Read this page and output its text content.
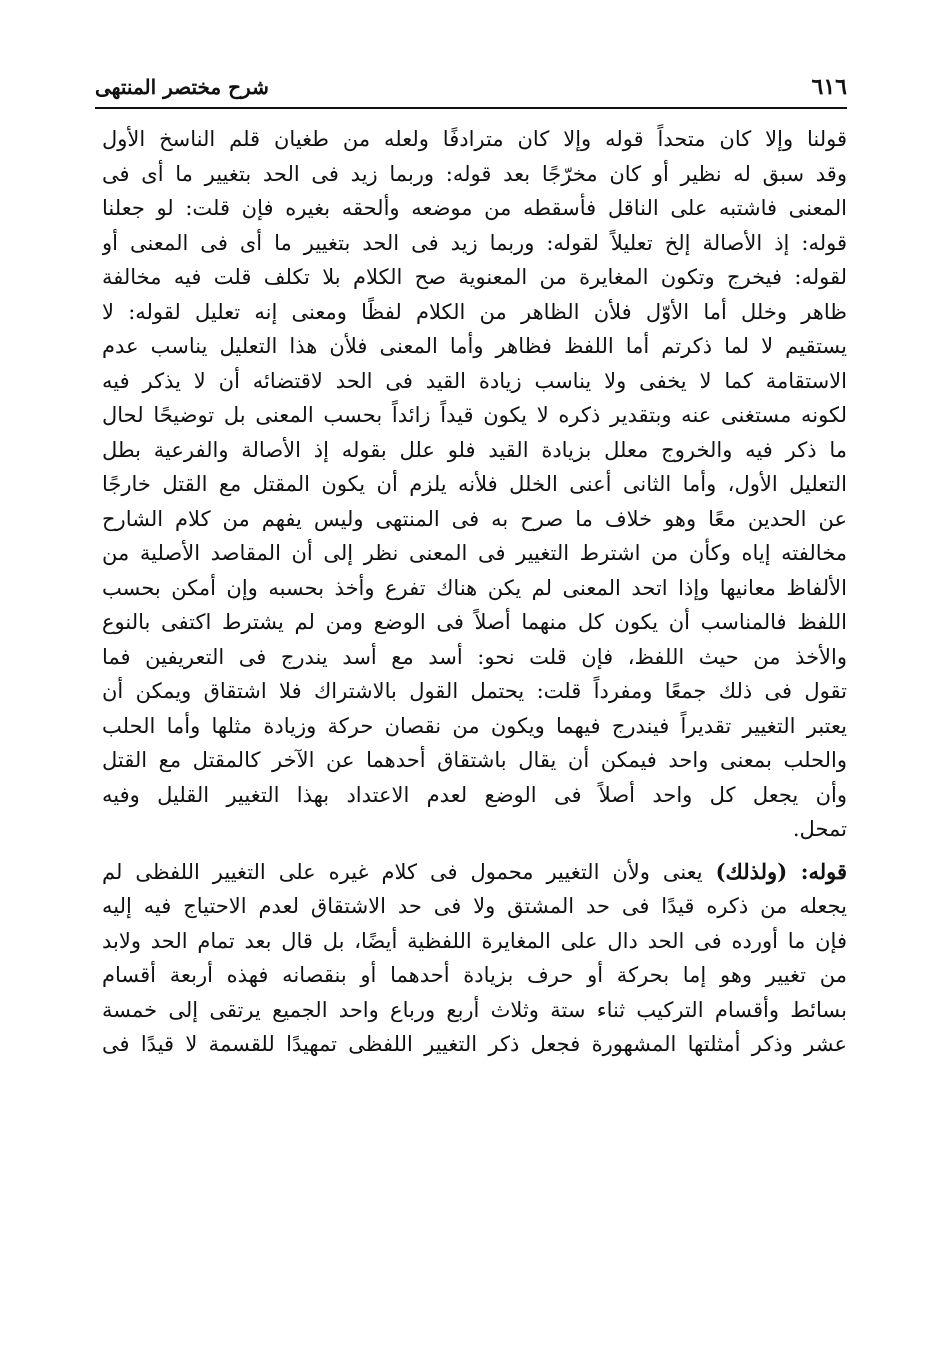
٦١٦
شرح مختصر المنتهى
قولنا وإلا كان متحداً قوله وإلا كان مترادفًا ولعله من طغيان قلم الناسخ الأول
وقد سبق له نظير أو كان مخرّجًا بعد قوله: وربما زيد فى الحد بتغيير ما أى فى
المعنى فاشتبه على الناقل فأسقطه من موضعه وألحقه بغيره فإن قلت: لو جعلنا
قوله: إذ الأصالة إلخ تعليلاً لقوله: وربما زيد فى الحد بتغيير ما أى فى المعنى أو
لقوله: فيخرج وتكون المغايرة من المعنوية صح الكلام بلا تكلف قلت فيه مخالفة
ظاهر وخلل أما الأوّل فلأن الظاهر من الكلام لفظًا ومعنى إنه تعليل لقوله: لا
يستقيم لا لما ذكرتم أما اللفظ فظاهر وأما المعنى فلأن هذا التعليل يناسب عدم
الاستقامة كما لا يخفى ولا يناسب زيادة القيد فى الحد لاقتضائه أن لا يذكر فيه
لكونه مستغنى عنه وبتقدير ذكره لا يكون قيداً زائداً بحسب المعنى بل توضيحًا لحال
ما ذكر فيه والخروج معلل بزيادة القيد فلو علل بقوله إذ الأصالة والفرعية بطل
التعليل الأول، وأما الثانى أعنى الخلل فلأنه يلزم أن يكون المقتل مع القتل خارجًا
عن الحدين معًا وهو خلاف ما صرح به فى المنتهى وليس يفهم من كلام الشارح
مخالفته إياه وكأن من اشترط التغيير فى المعنى نظر إلى أن المقاصد الأصلية من
الألفاظ معانيها وإذا اتحد المعنى لم يكن هناك تفرع وأخذ بحسبه وإن أمكن بحسب
اللفظ فالمناسب أن يكون كل منهما أصلاً فى الوضع ومن لم يشترط اكتفى بالنوع
والأخذ من حيث اللفظ، فإن قلت نحو: أسد مع أسد يندرج فى التعريفين فما
تقول فى ذلك جمعًا ومفرداً قلت: يحتمل القول بالاشتراك فلا اشتقاق ويمكن أن
يعتبر التغيير تقديراً فيندرج فيهما ويكون من نقصان حركة وزيادة مثلها وأما الحلب
والحلب بمعنى واحد فيمكن أن يقال باشتقاق أحدهما عن الآخر كالمقتل مع القتل
وأن يجعل كل واحد أصلاً فى الوضع لعدم الاعتداد بهذا التغيير القليل وفيه
تمحل.
قوله: (ولذلك) يعنى ولأن التغيير محمول فى كلام غيره على التغيير اللفظى لم
يجعله من ذكره قيدًا فى حد المشتق ولا فى حد الاشتقاق لعدم الاحتياج فيه إليه
فإن ما أورده فى الحد دال على المغايرة اللفظية أيضًا، بل قال بعد تمام الحد ولابد
من تغيير وهو إما بحركة أو حرف بزيادة أحدهما أو بنقصانه فهذه أربعة أقسام
بسائط وأقسام التركيب ثناء ستة وثلاث أربع ورباع واحد الجميع يرتقى إلى خمسة
عشر وذكر أمثلتها المشهورة فجعل ذكر التغيير اللفظى تمهيدًا للقسمة لا قيدًا فى
